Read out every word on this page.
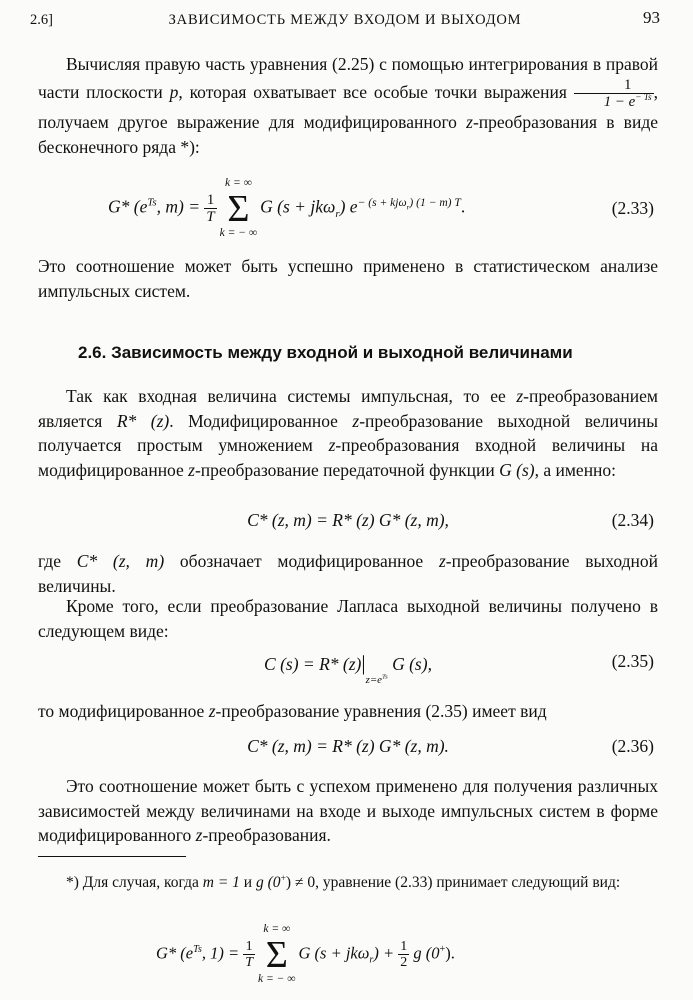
2.6]	ЗАВИСИМОСТЬ МЕЖДУ ВХОДОМ И ВЫХОДОМ	93
Вычисляя правую часть уравнения (2.25) с помощью интегрирования в правой части плоскости p, которая охватывает все особые точки выражения $\frac{1}{1 - e^{- Ts}}$ , получаем другое выражение для модифицированного z-преобразования в виде бесконечного ряда *):
G* ($e^{Ts}$, $m) = \frac{1}{T}$
k = ∞
Σ
k = − ∞
G (s + jkω$_r$) $e^{- (s + kj\omega_r) (1 - m) T}$.	(2.33)
Это соотношение может быть успешно применено в статистическом анализе импульсных систем.
2.6. Зависимость между входной и выходной величинами
Так как входная величина системы импульсная, то ее z-преобразованием является R* (z). Модифицированное z-преобразование выходной величины получается простым умножением z-преобразования входной величины на модифицированное z-преобразование передаточной функции G (s), а именно:
C* (z, m) = R* (z) G* (z, m),	(2.34)
где C* (z, m) обозначает модифицированное z-преобразование выходной величины.
Кроме того, если преобразование Лапласа выходной величины получено в следующем виде:
C (s) = R* $(z)|_{z=e^{Ts}}$ G (s),	(2.35)
то модифицированное z-преобразование уравнения (2.35) имеет вид
C* (z, m) = R* (z) G* (z, m).	(2.36)
Это соотношение может быть с успехом применено для получения различных зависимостей между величинами на входе и выходе импульсных систем в форме модифицированного z-преобразования.
*) Для случая, когда m = 1 и g (0+) ≠ 0, уравнение (2.33) принимает следующий вид:
G* ($e^{Ts}$, $1) = \frac{1}{T}$
k = ∞
Σ
k = − ∞
G $(s + jk\omega_r) + \frac{1}{2}$ g (0+).
